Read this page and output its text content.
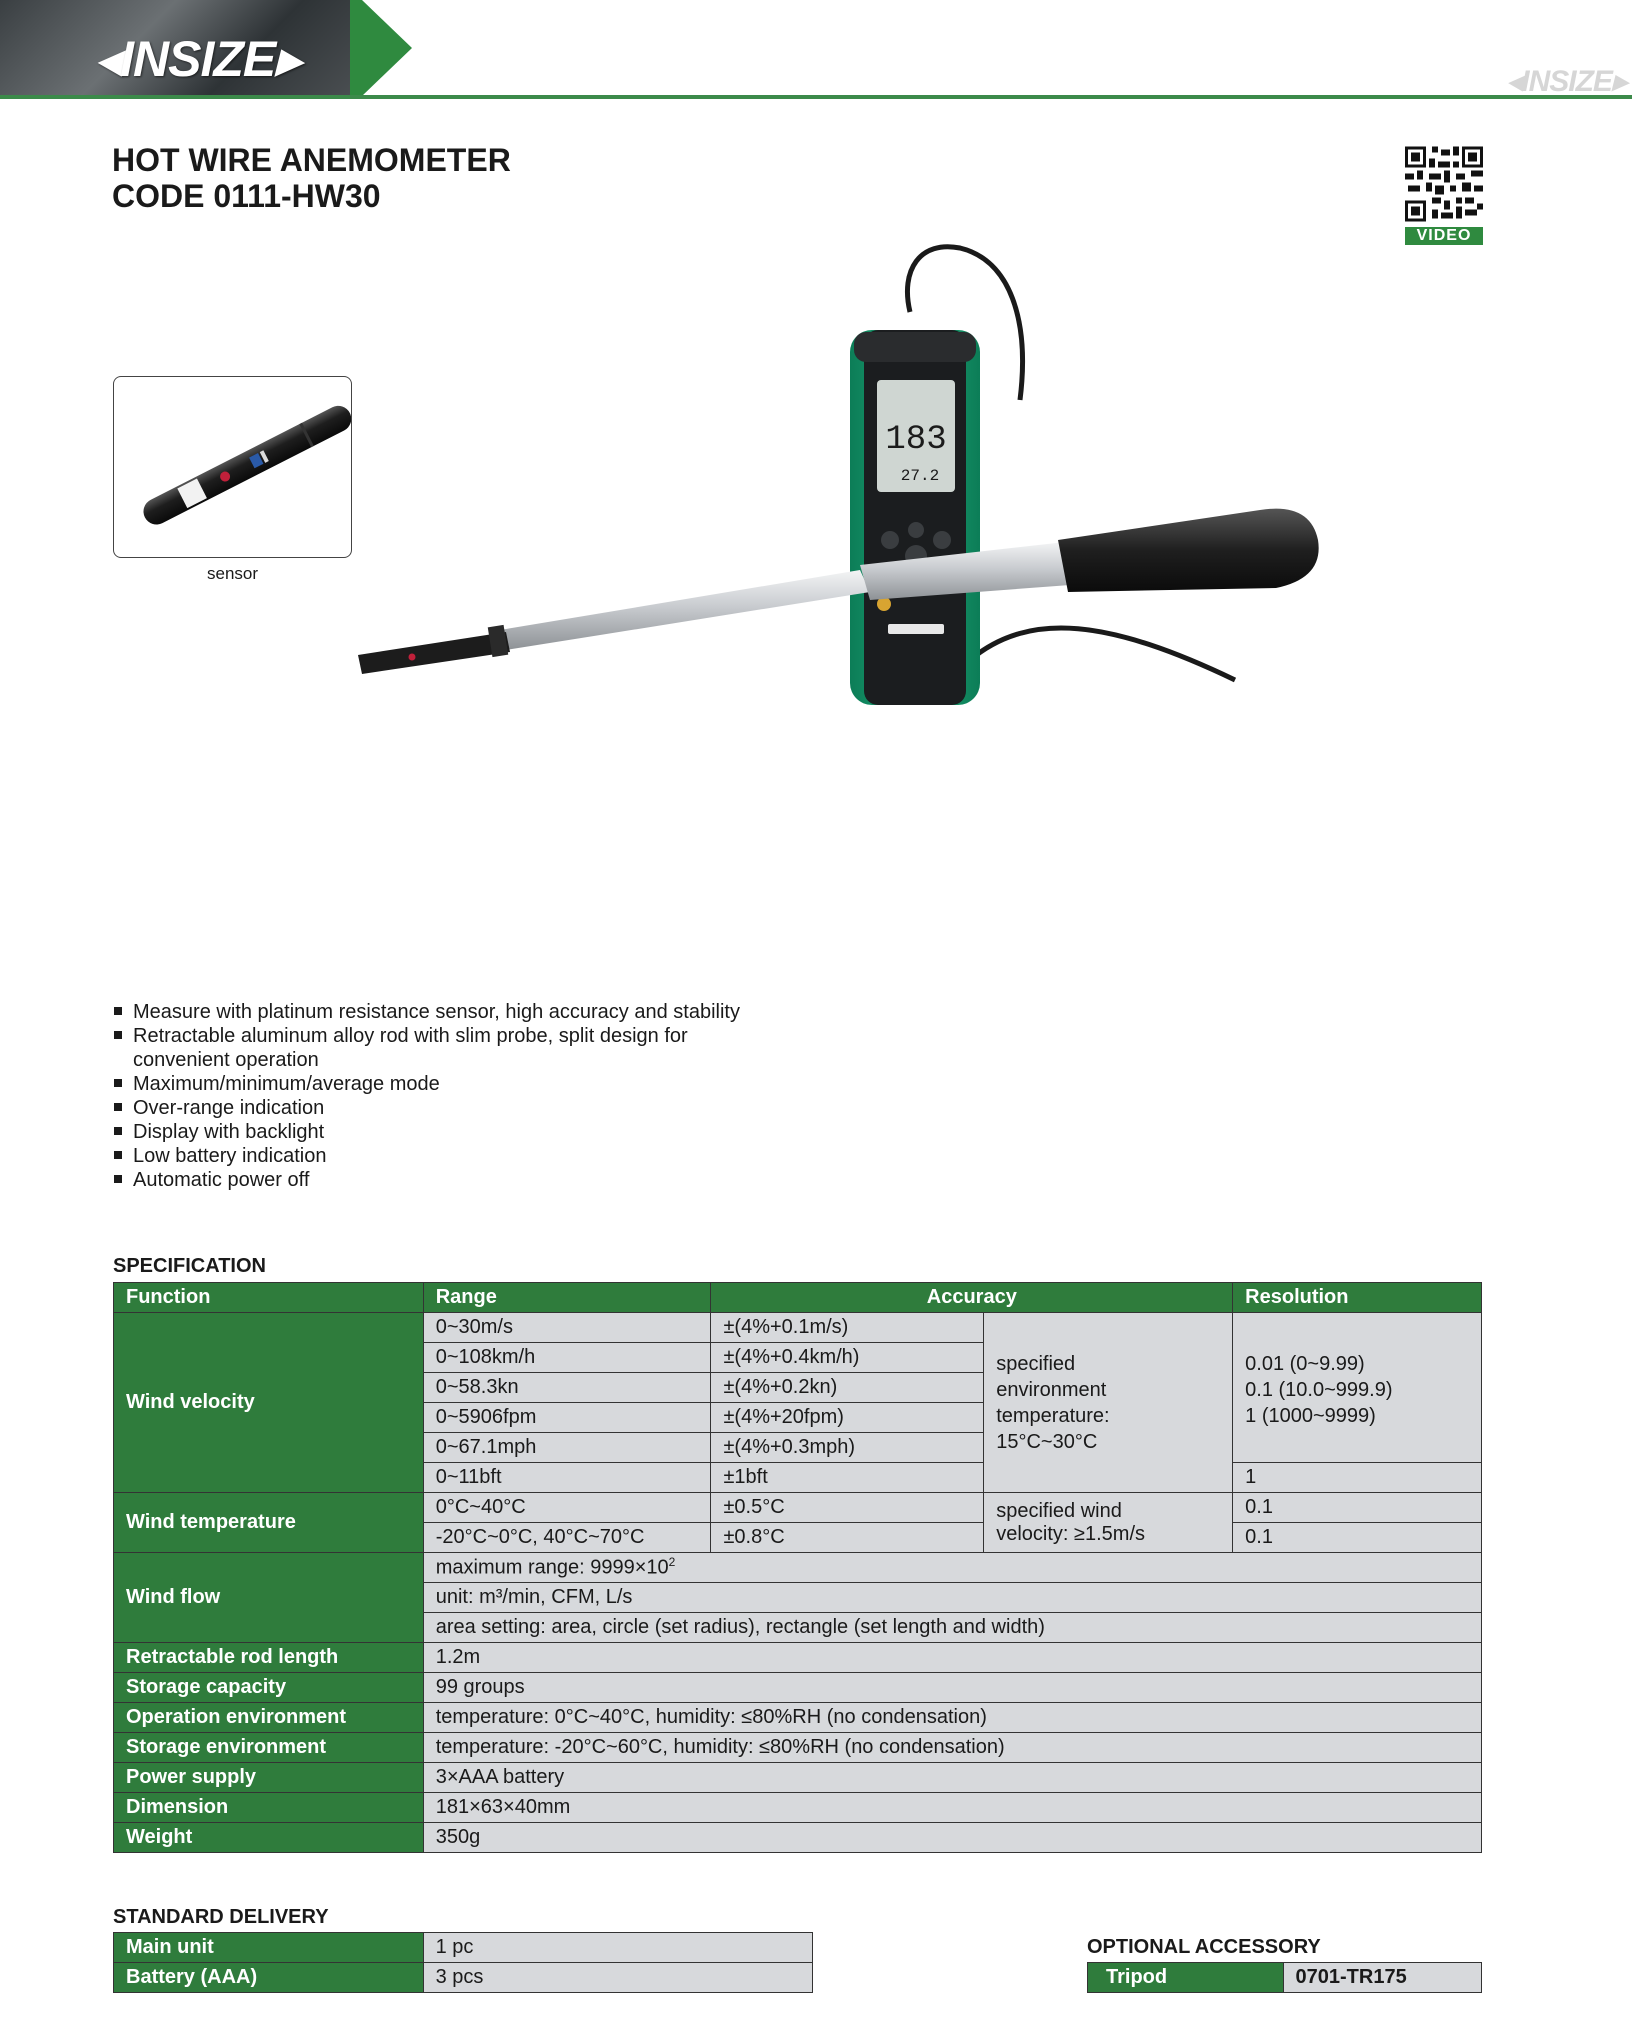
◂INSIZE▸	◂INSIZE▸
HOT WIRE ANEMOMETER
CODE 0111-HW30
VIDEO
sensor
183
27.2
Measure with platinum resistance sensor, high accuracy and stability
Retractable aluminum alloy rod with slim probe, split design for
convenient operation
Maximum/minimum/average mode
Over-range indication
Display with backlight
Low battery indication
Automatic power off
SPECIFICATION
Function	Range	Accuracy		Resolution
Wind velocity	0~30m/s	±(4%+0.1m/s)	specified environment temperature: 15°C~30°C	0.01 (0~9.99)
0.1 (10.0~999.9)
1 (1000~9999)

	0~108km/h	±(4%+0.4km/h)		
	0~58.3kn	±(4%+0.2kn)		
	0~5906fpm	±(4%+20fpm)		
	0~67.1mph	±(4%+0.3mph)		
	0~11bft	±1bft		1
Wind temperature	0°C~40°C	±0.5°C	specified wind velocity: ≥1.5m/s	0.1
	-20°C~0°C, 40°C~70°C	±0.8°C		0.1
Wind flow	maximum range: $9999\times 10^2$
	unit: m³/min, CFM, L/s			
	area setting: area, circle (set radius), rectangle (set length and width)			
Retractable rod length	1.2m			
Storage capacity	99 groups			
Operation environment	temperature: 0°C~40°C, humidity: ≤80%RH (no condensation)			
Storage environment	temperature: -20°C~60°C, humidity: ≤80%RH (no condensation)			
Power supply	3×AAA battery			
Dimension	181×63×40mm			
Weight	350g			
STANDARD DELIVERY
Main unit	1 pc
Battery (AAA)	3 pcs
OPTIONAL ACCESSORY
Tripod	0701-TR175
